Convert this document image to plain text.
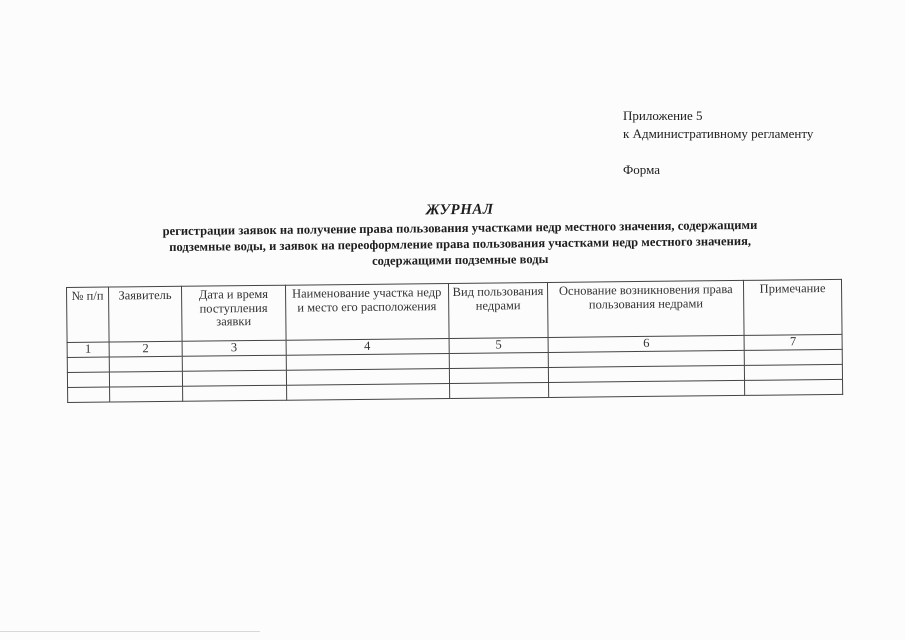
Приложение 5
к Административному регламенту
Форма
ЖУРНАЛ
регистрации заявок на получение права пользования участками недр местного значения, содержащими
подземные воды, и заявок на переоформление права пользования участками недр местного значения,
содержащими подземные воды
№ п/п	Заявитель	Дата и время поступления заявки	Наименование участка недр и место его расположения	Вид пользования недрами	Основание возникновения права пользования недрами	Примечание
1	2	3	4	5	6	7
